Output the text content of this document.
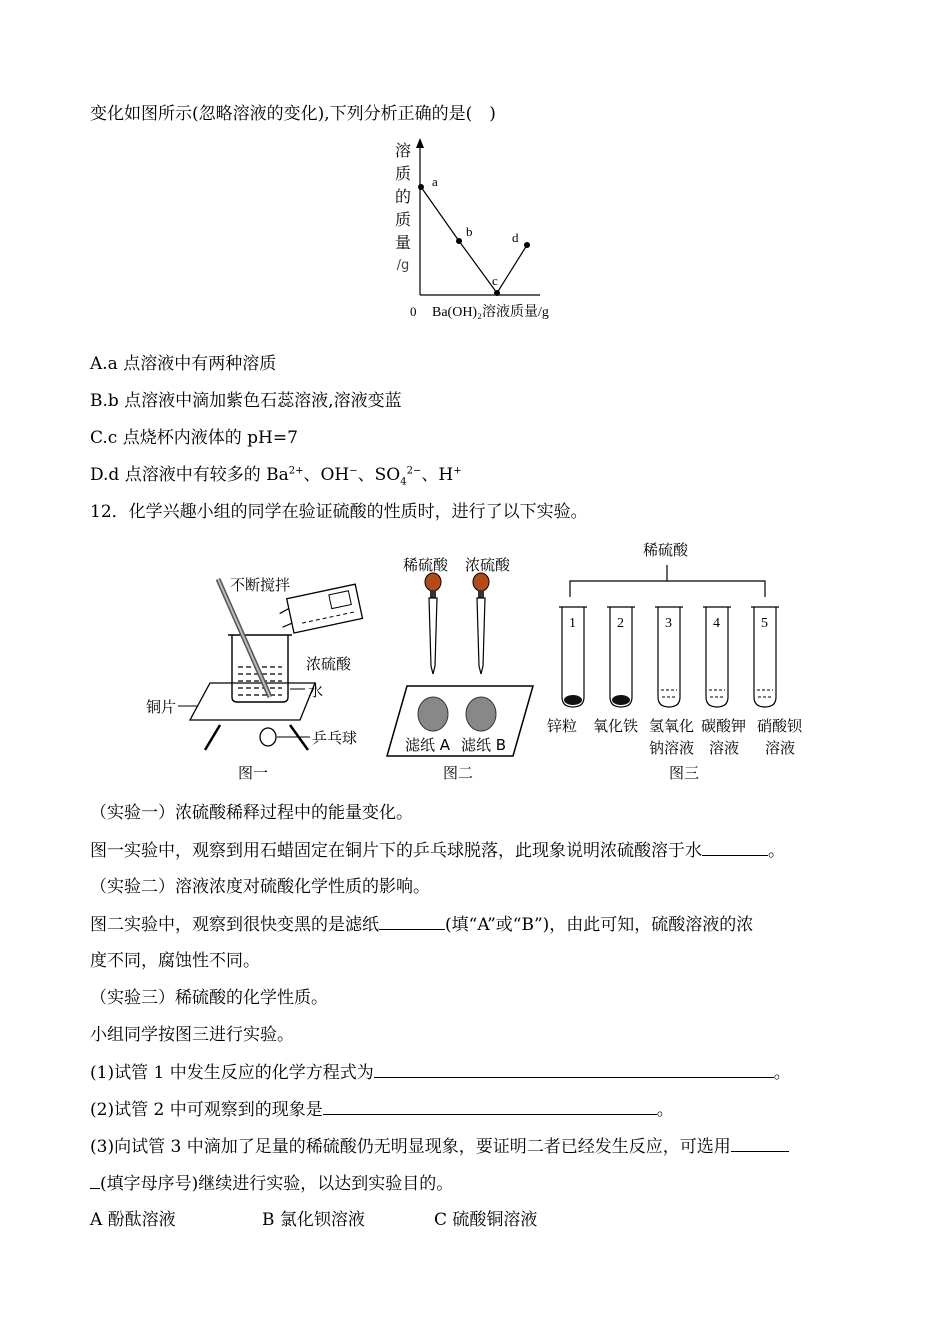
变化如图所示(忽略溶液的变化),下列分析正确的是(　)
a
b
c
d
0 Ba(OH)₂溶液质量/g
溶
质
的
质
量
/g
A.a 点溶液中有两种溶质
B.b 点溶液中滴加紫色石蕊溶液,溶液变蓝
C.c 点烧杯内液体的 pH=7
D.d 点溶液中有较多的 $Ba^{2+}$、OH−、$SO_4^{2-}$、H+
12．化学兴趣小组的同学在验证硫酸的性质时，进行了以下实验。
不断搅拌
浓硫酸
水
铜片
乒乓球
图一
稀硫酸 浓硫酸
滤纸 A 滤纸 B
图二
1	2	3	4	5
稀硫酸
锌粒 氧化铁 氢氧化
钠溶液
碳酸钾
溶液
硝酸钡
溶液
图三
（实验一）浓硫酸稀释过程中的能量变化。
图一实验中，观察到用石蜡固定在铜片下的乒乓球脱落，此现象说明浓硫酸溶于水	。
（实验二）溶液浓度对硫酸化学性质的影响。
图二实验中，观察到很快变黑的是滤纸	(填“A”或“B”)，由此可知，硫酸溶液的浓
度不同，腐蚀性不同。
（实验三）稀硫酸的化学性质。
小组同学按图三进行实验。
(1)试管 1 中发生反应的化学方程式为	。
(2)试管 2 中可观察到的现象是	。
(3)向试管 3 中滴加了足量的稀硫酸仍无明显现象，要证明二者已经发生反应，可选用
(填字母序号)继续进行实验，以达到实验目的。
A 酚酞溶液	B 氯化钡溶液	C 硫酸铜溶液
